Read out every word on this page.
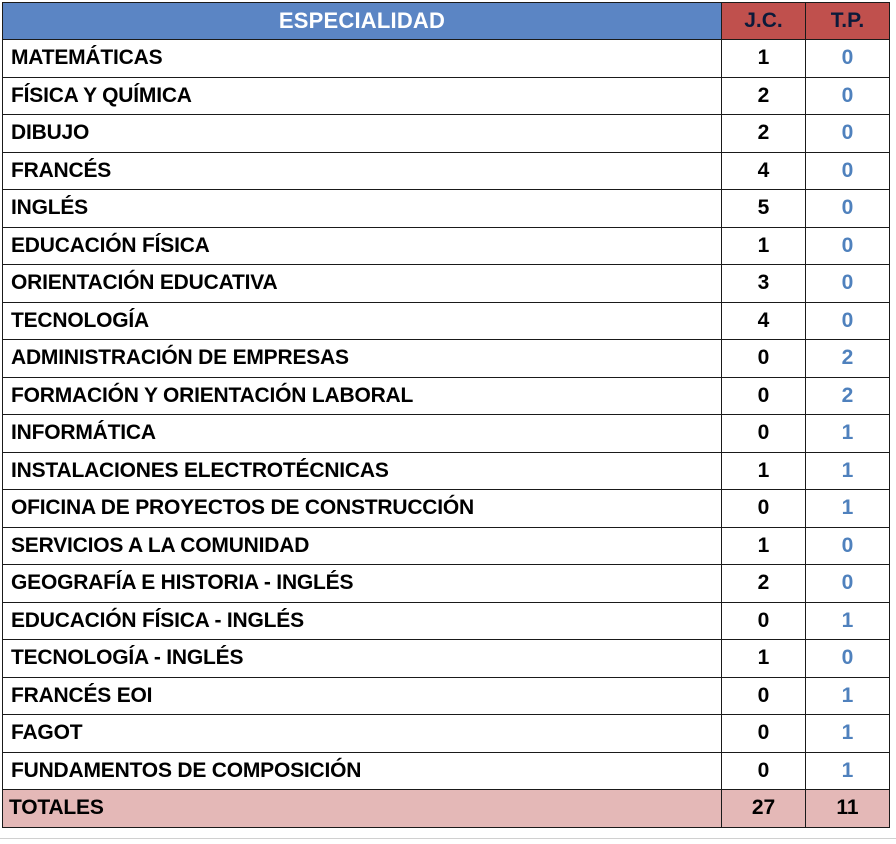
ESPECIALIDAD	J.C.	T.P.
MATEMÁTICAS	1	0
FÍSICA Y QUÍMICA	2	0
DIBUJO	2	0
FRANCÉS	4	0
INGLÉS	5	0
EDUCACIÓN FÍSICA	1	0
ORIENTACIÓN EDUCATIVA	3	0
TECNOLOGÍA	4	0
ADMINISTRACIÓN DE EMPRESAS	0	2
FORMACIÓN Y ORIENTACIÓN LABORAL	0	2
INFORMÁTICA	0	1
INSTALACIONES ELECTROTÉCNICAS	1	1
OFICINA DE PROYECTOS DE CONSTRUCCIÓN	0	1
SERVICIOS A LA COMUNIDAD	1	0
GEOGRAFÍA E HISTORIA - INGLÉS	2	0
EDUCACIÓN FÍSICA - INGLÉS	0	1
TECNOLOGÍA - INGLÉS	1	0
FRANCÉS EOI	0	1
FAGOT	0	1
FUNDAMENTOS DE COMPOSICIÓN	0	1
TOTALES	27	11
